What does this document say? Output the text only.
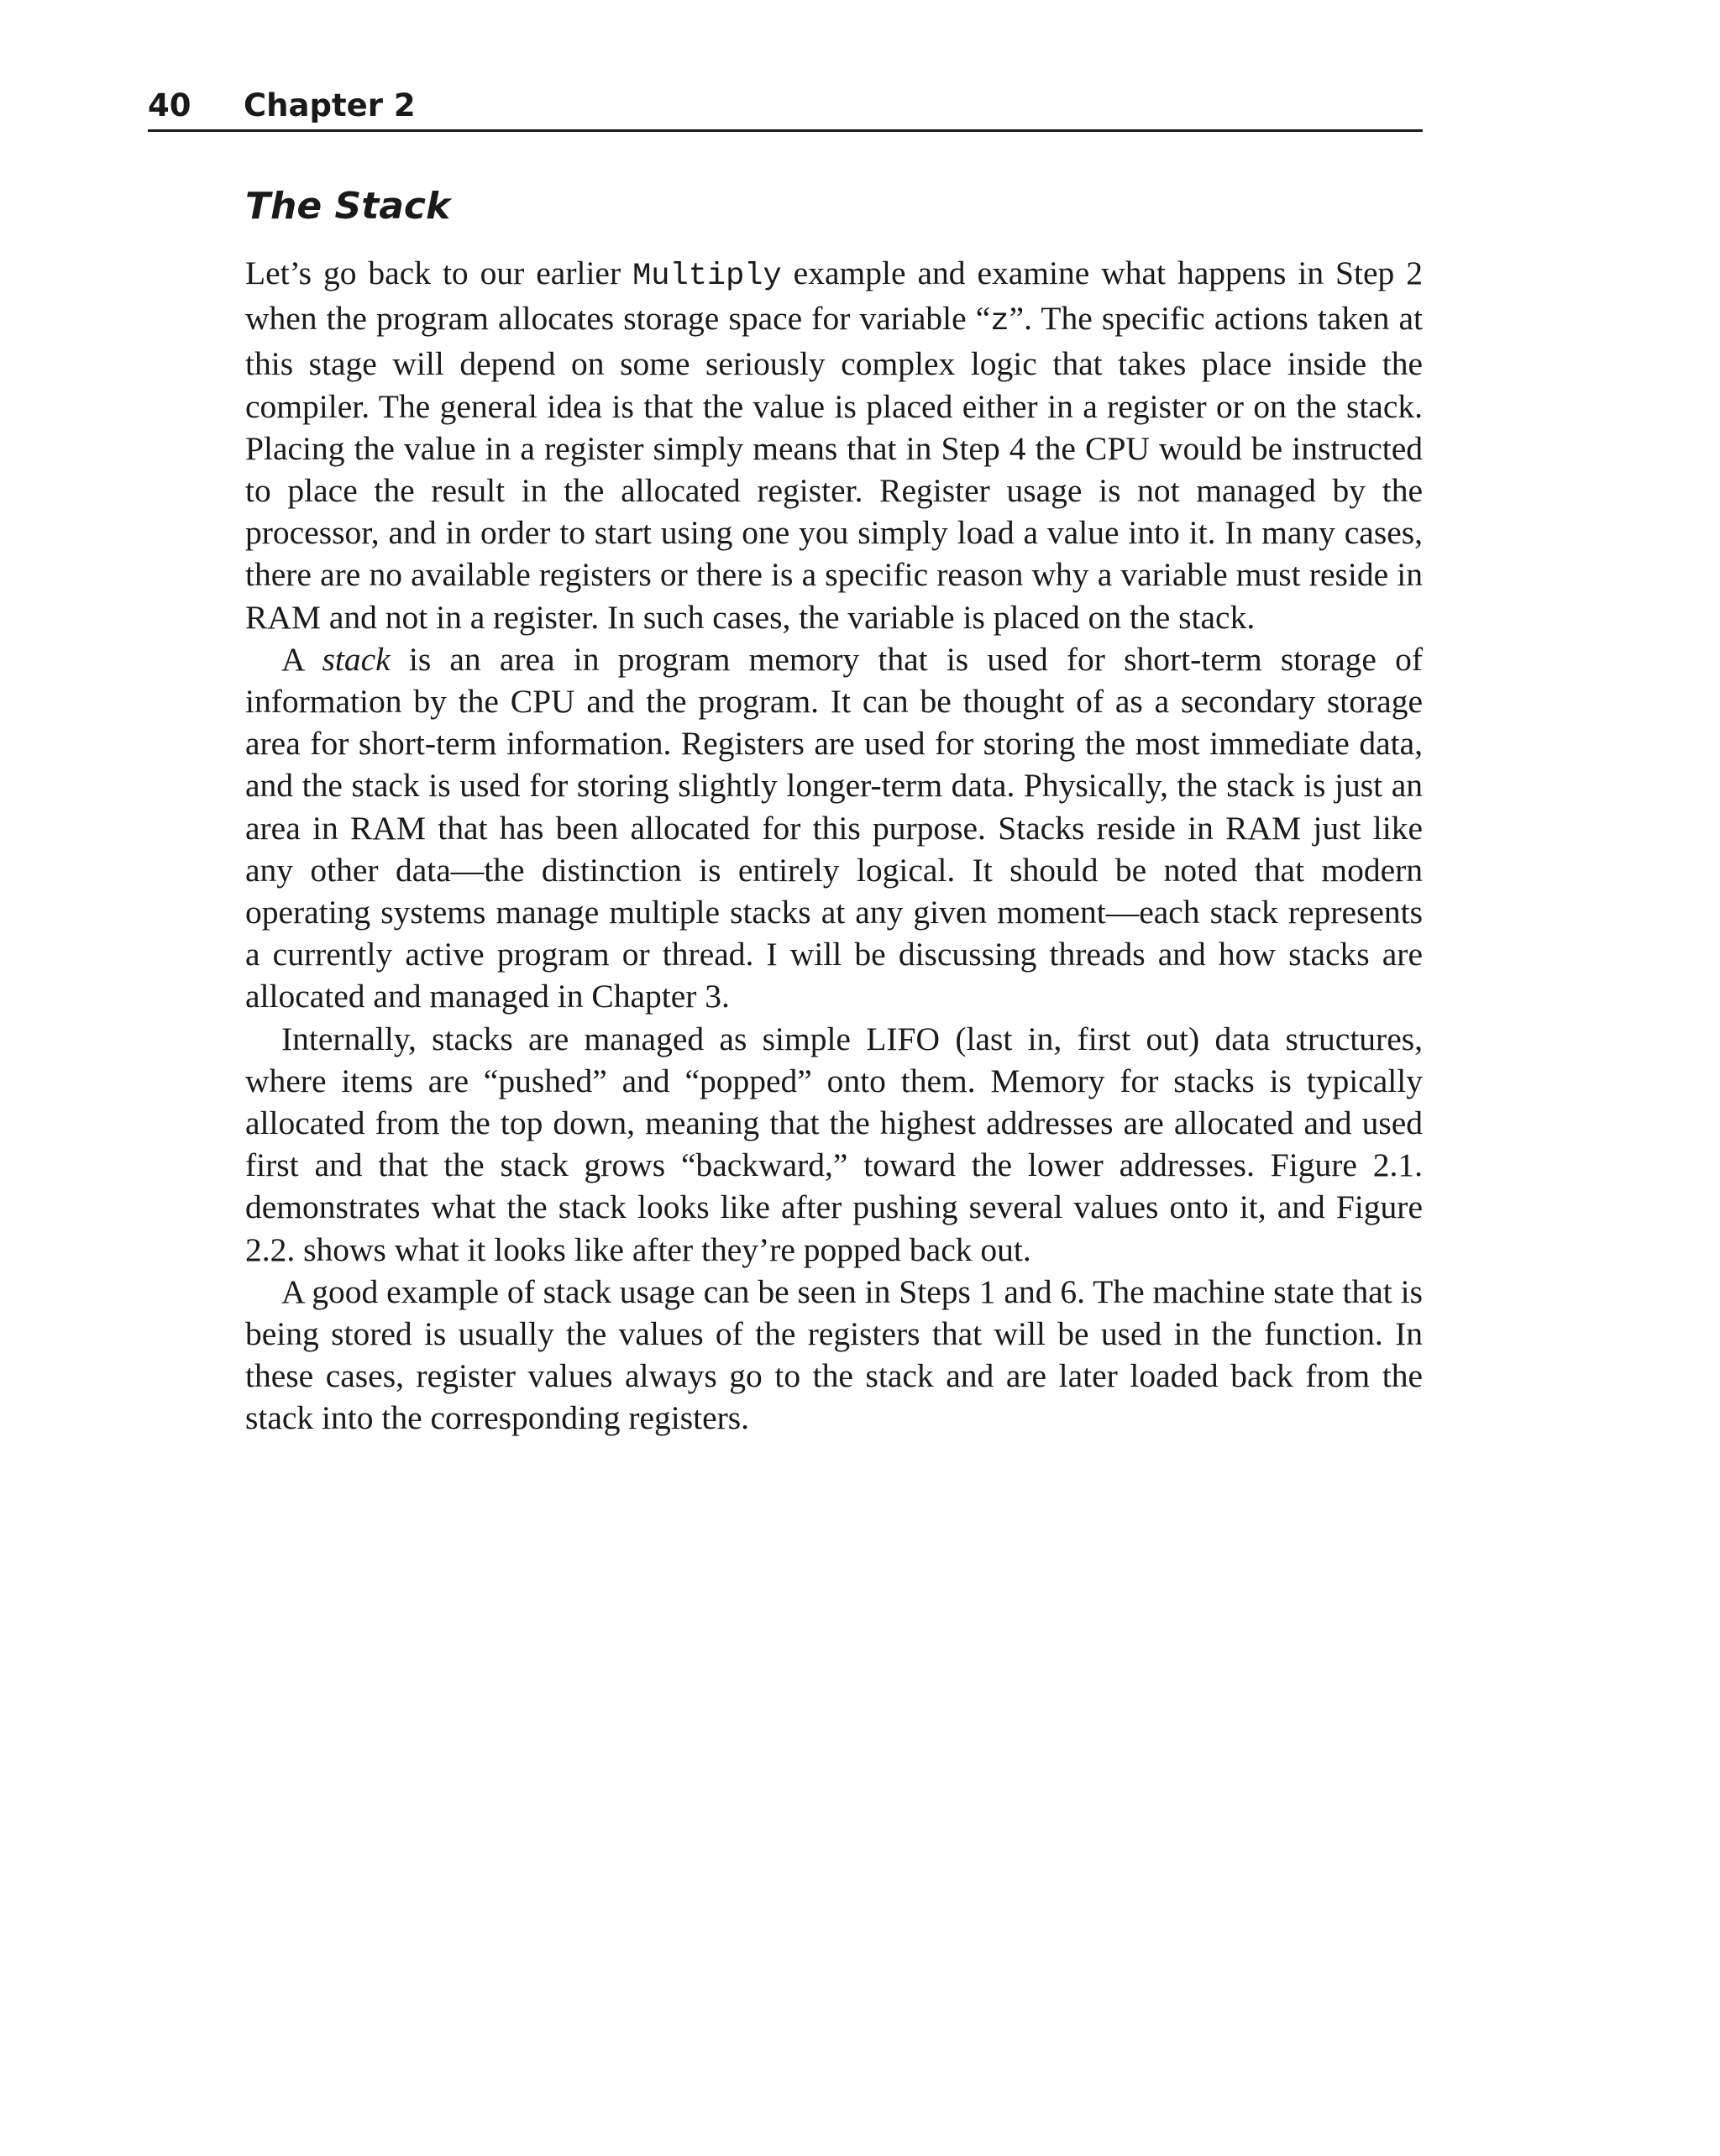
40 Chapter 2
The Stack

Let’s go back to our earlier Multiply example and examine what happens in Step 2 when the program allocates storage space for variable “z”. The specific actions taken at this stage will depend on some seriously complex logic that takes place inside the compiler. The general idea is that the value is placed either in a register or on the stack. Placing the value in a register simply means that in Step 4 the CPU would be instructed to place the result in the allocated register. Register usage is not managed by the processor, and in order to start using one you simply load a value into it. In many cases, there are no available registers or there is a specific reason why a variable must reside in RAM and not in a register. In such cases, the variable is placed on the stack.

A stack is an area in program memory that is used for short-term storage of information by the CPU and the program. It can be thought of as a secondary storage area for short-term information. Registers are used for storing the most immediate data, and the stack is used for storing slightly longer-term data. Physically, the stack is just an area in RAM that has been allocated for this purpose. Stacks reside in RAM just like any other data—the distinction is entirely logical. It should be noted that modern operating systems manage multiple stacks at any given moment—each stack represents a currently active program or thread. I will be discussing threads and how stacks are allocated and managed in Chapter 3.

Internally, stacks are managed as simple LIFO (last in, first out) data structures, where items are “pushed” and “popped” onto them. Memory for stacks is typically allocated from the top down, meaning that the highest addresses are allocated and used first and that the stack grows “backward,” toward the lower addresses. Figure 2.1. demonstrates what the stack looks like after pushing several values onto it, and Figure 2.2. shows what it looks like after they’re popped back out.

A good example of stack usage can be seen in Steps 1 and 6. The machine state that is being stored is usually the values of the registers that will be used in the function. In these cases, register values always go to the stack and are later loaded back from the stack into the corresponding registers.
